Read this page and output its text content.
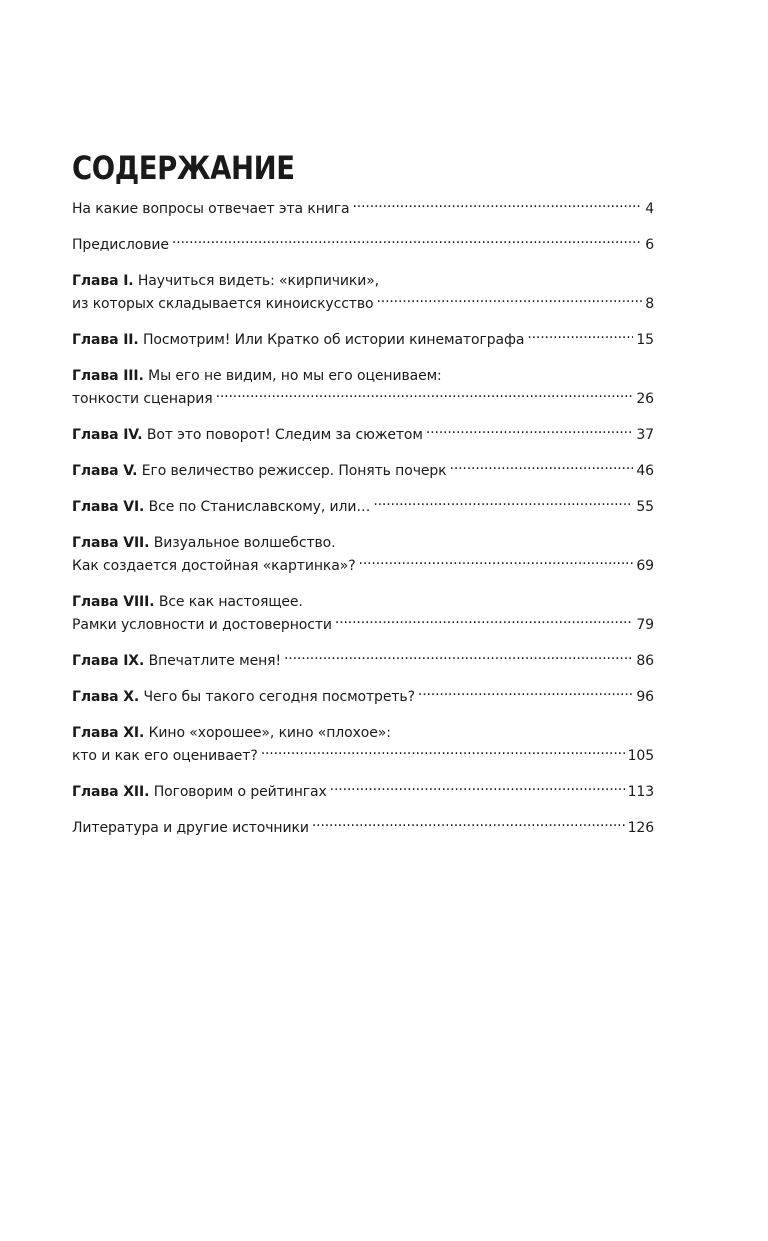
СОДЕРЖАНИЕ
На какие вопросы отвечает эта книга . . .	4
Предисловие . . .	6
Глава I. Научиться видеть: «кирпичики»,
из которых складывается киноискусство . . .	8
Глава II. Посмотрим! Или Кратко об истории кинематографа . . .	15
Глава III. Мы его не видим, но мы его оцениваем:
тонкости сценария . . .	26
Глава IV. Вот это поворот! Следим за сюжетом . . .	37
Глава V. Его величество режиссер. Понять почерк . . .	46
Глава VI. Все по Станиславскому, или… . . .	55
Глава VII. Визуальное волшебство.
Как создается достойная «картинка»? . . .	69
Глава VIII. Все как настоящее.
Рамки условности и достоверности . . .	79
Глава IX. Впечатлите меня! . . .	86
Глава X. Чего бы такого сегодня посмотреть? . . .	96
Глава XI. Кино «хорошее», кино «плохое»:
кто и как его оценивает? . . .	105
Глава XII. Поговорим о рейтингах . . .	113
Литература и другие источники . . .	126
